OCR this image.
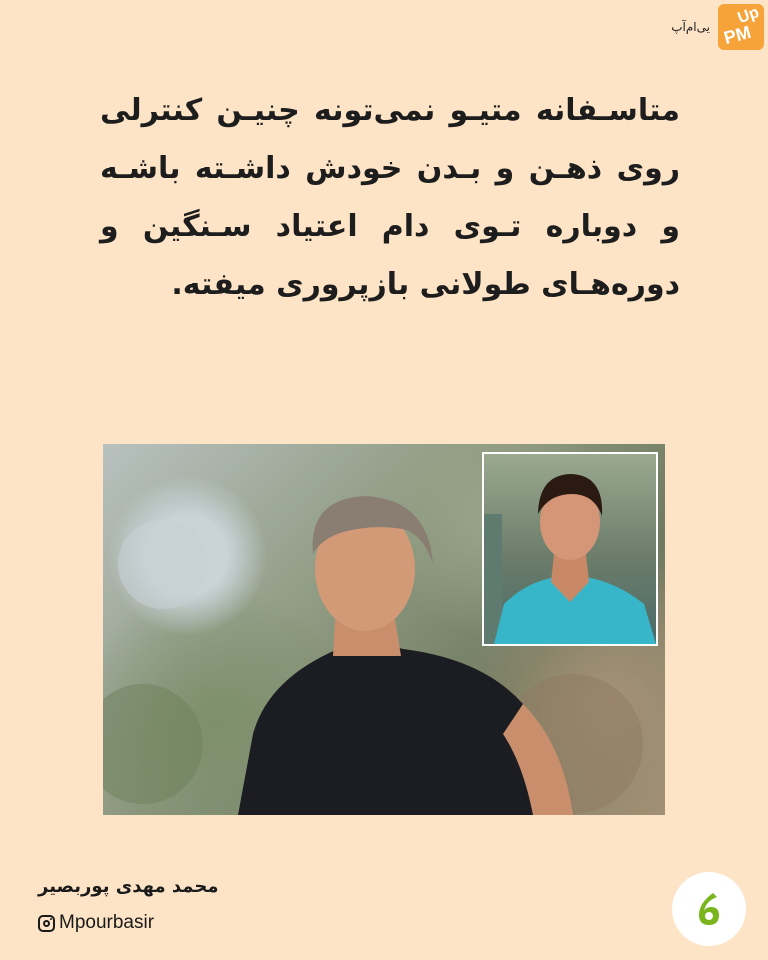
یی‌ام‌آپ Up
PM
متاسـفانه متیـو نمی‌تونه چنیـن کنترلی روی ذهـن و بـدن خودش داشـته باشـه و دوباره تـوی دام اعتیاد سـنگین و دوره‌هـای طولانی بازپروری میفته.
محمد مهدی پوربصیر
Mpourbasir
